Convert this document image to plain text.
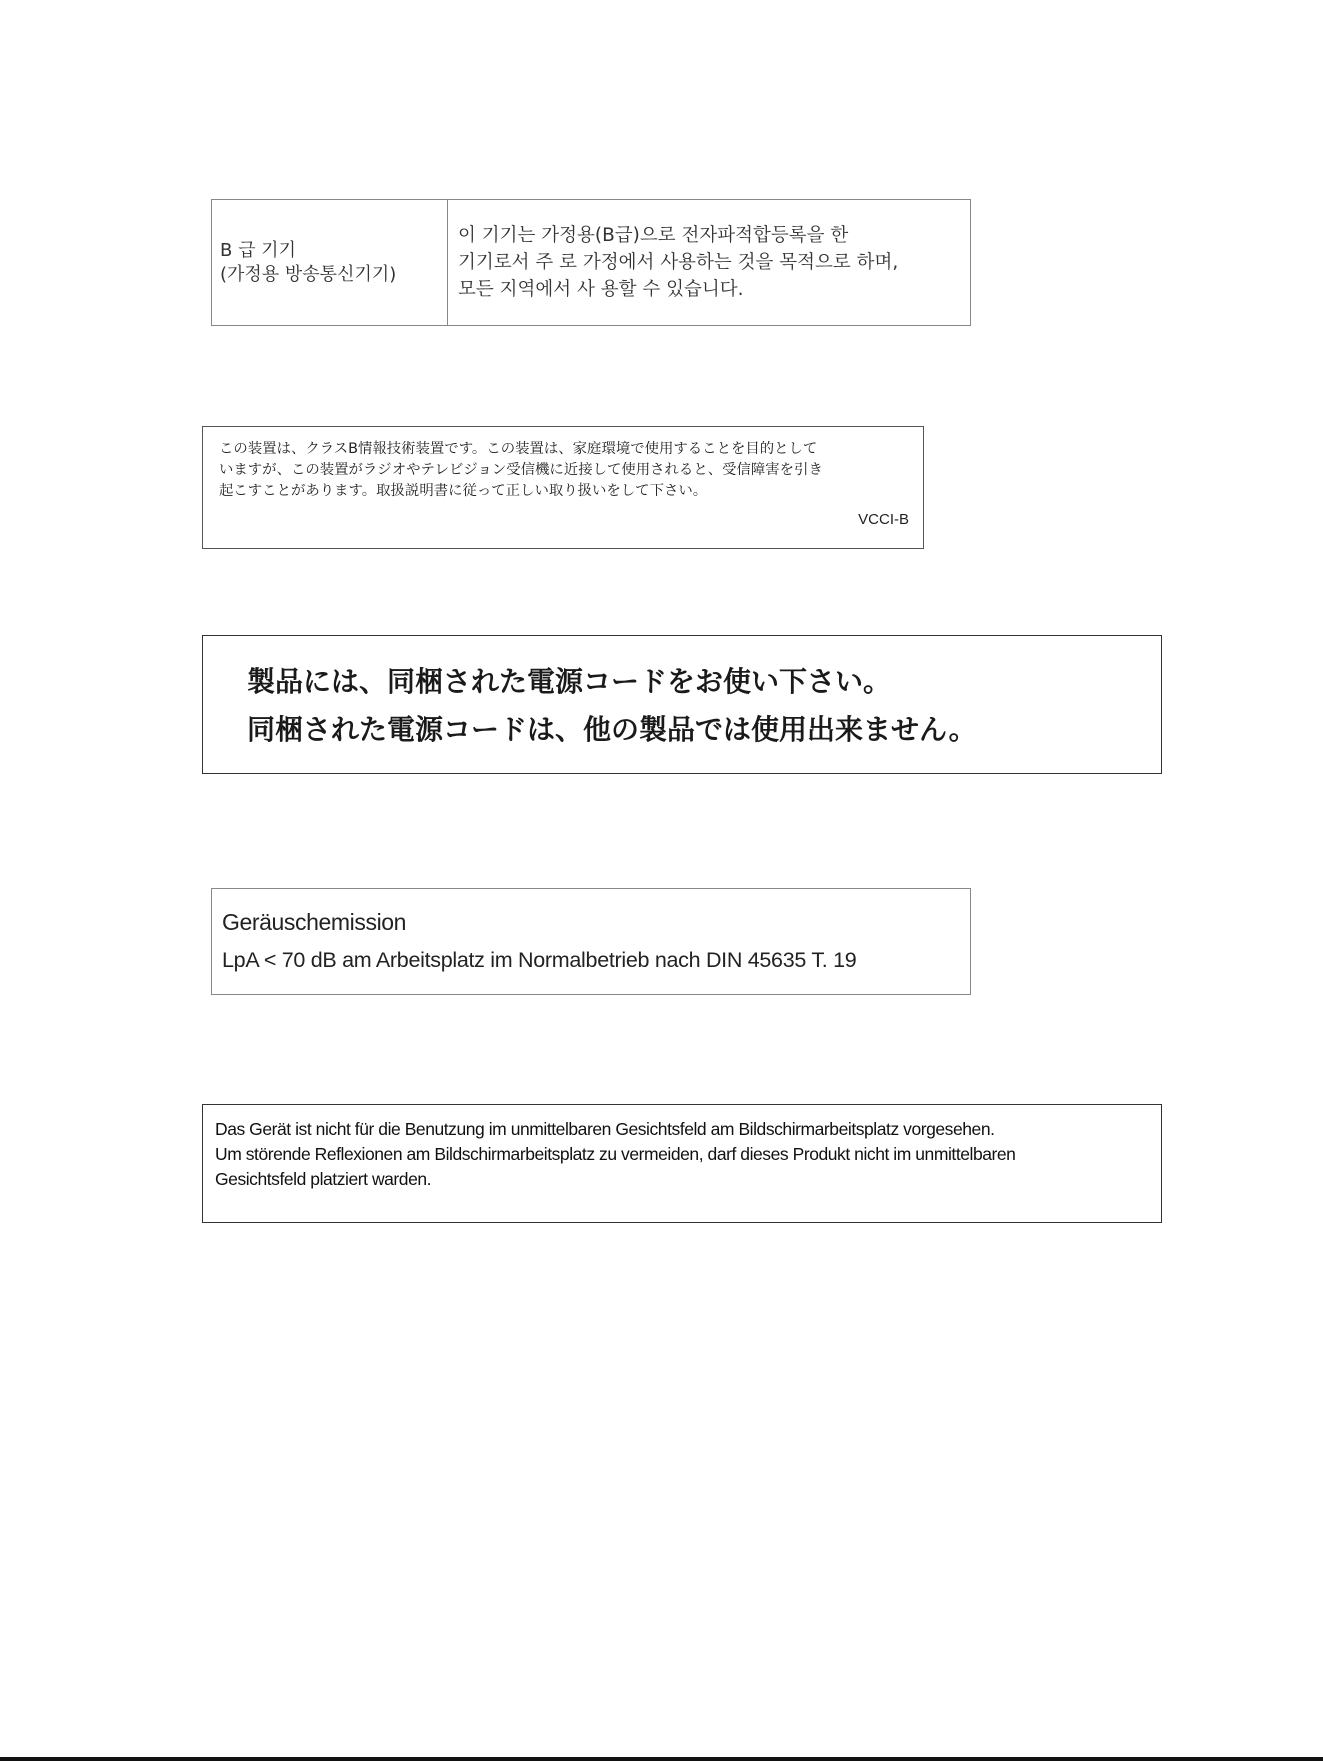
B 급 기기
(가정용 방송통신기기)
이 기기는 가정용(B급)으로 전자파적합등록을 한
기기로서 주 로 가정에서 사용하는 것을 목적으로 하며,
모든 지역에서 사 용할 수 있습니다.
この装置は、クラスB情報技術装置です。この装置は、家庭環境で使用することを目的として
いますが、この装置がラジオやテレビジョン受信機に近接して使用されると、受信障害を引き
起こすことがあります。取扱説明書に従って正しい取り扱いをして下さい。
VCCI-B
製品には、同梱された電源コードをお使い下さい。
同梱された電源コードは、他の製品では使用出来ません。
Geräuschemission
LpA < 70 dB am Arbeitsplatz im Normalbetrieb nach DIN 45635 T. 19
Das Gerät ist nicht für die Benutzung im unmittelbaren Gesichtsfeld am Bildschirmarbeitsplatz vorgesehen.
Um störende Reflexionen am Bildschirmarbeitsplatz zu vermeiden, darf dieses Produkt nicht im unmittelbaren
Gesichtsfeld platziert warden.
